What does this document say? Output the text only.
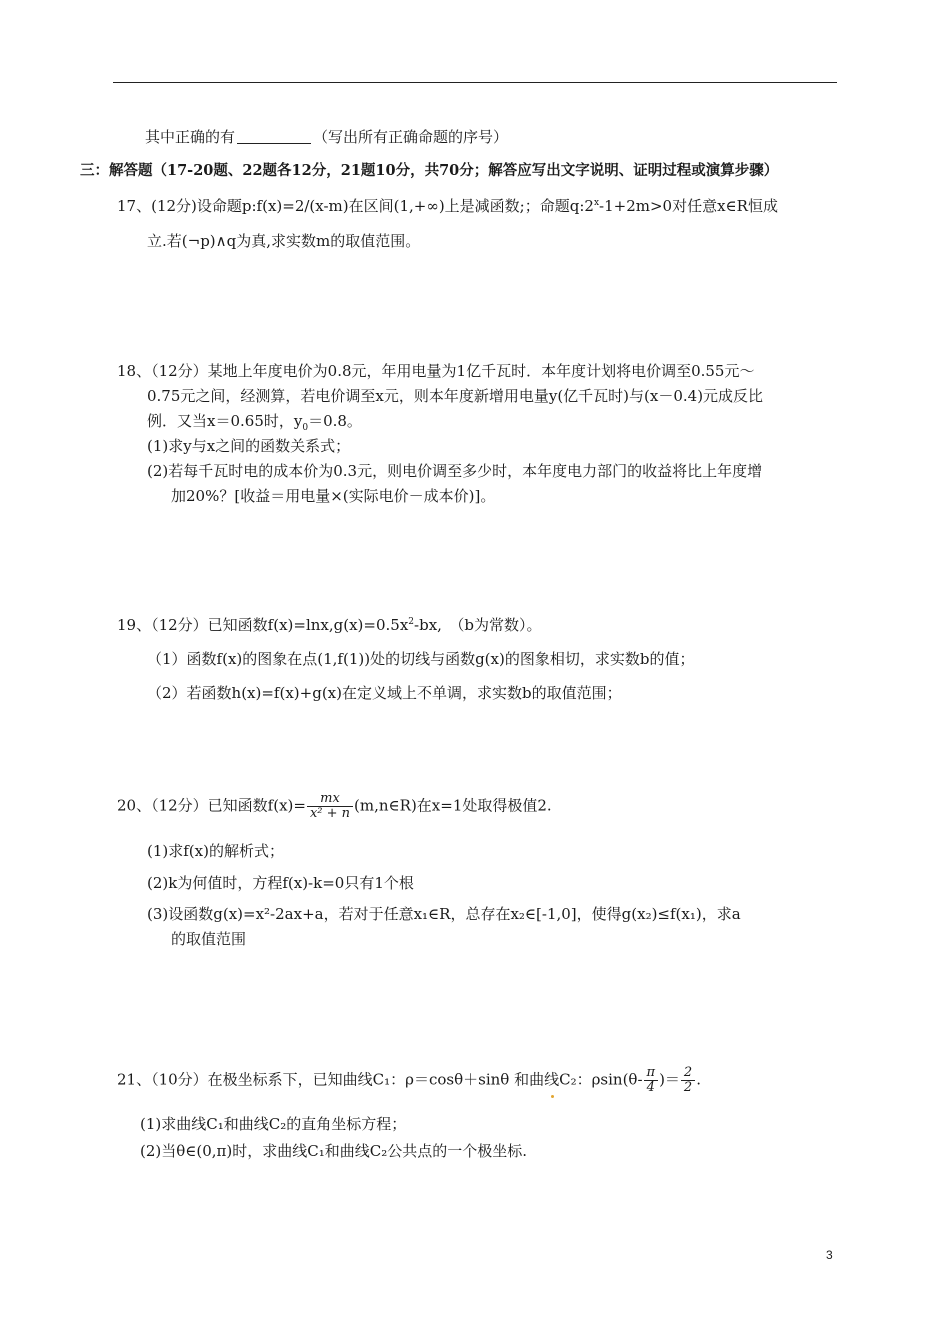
其中正确的有	（写出所有正确命题的序号）
三：解答题（17-20题、22题各12分，21题10分，共70分；解答应写出文字说明、证明过程或演算步骤）
17、(12分)设命题p:f(x)=2/(x-m)在区间(1,+∞)上是减函数;；命题$q:2^x-1+2m>0$对任意x∈R恒成
立.若(¬p)∧q为真,求实数m的取值范围。
18、（12分）某地上年度电价为0.8元，年用电量为1亿千瓦时．本年度计划将电价调至0.55元～
0.75元之间，经测算，若电价调至x元，则本年度新增用电量y(亿千瓦时)与(x－0.4)元成反比
例．又当x＝0.65时，$y_0=0.8$。
(1)求y与x之间的函数关系式；
(2)若每千瓦时电的成本价为0.3元，则电价调至多少时，本年度电力部门的收益将比上年度增
加20%？[收益＝用电量×(实际电价－成本价)]。
19、（12分）已知函数$f(x)=\ln x,g(x)=0.5x^2-bx$,　（b为常数）。
（1）函数f(x)的图象在点(1,f(1))处的切线与函数g(x)的图象相切，求实数b的值；
（2）若函数h(x)=f(x)+g(x)在定义域上不单调，求实数b的取值范围；
20、（12分）已知函数$f(x)= \frac{mx}{\text{x² + n}}$ (m,n∈R)在x=1处取得极值2.
(1)求f(x)的解析式；
(2)k为何值时，方程f(x)-k=0只有1个根
(3)设函数g(x)=x²-2ax+a，若对于任意x₁∈R，总存在x₂∈[-1,0]，使得g(x₂)≤f(x₁)，求a
的取值范围
21、（10分）在极坐标系下，已知曲线C₁：ρ＝cosθ＋sinθ 和曲线C₂：$\rho\sin(\theta- \frac{\pi}{4}$ )＝ $\frac{2}{2}$ .
(1)求曲线C₁和曲线C₂的直角坐标方程；
(2)当θ∈(0,π)时，求曲线C₁和曲线C₂公共点的一个极坐标.
3
